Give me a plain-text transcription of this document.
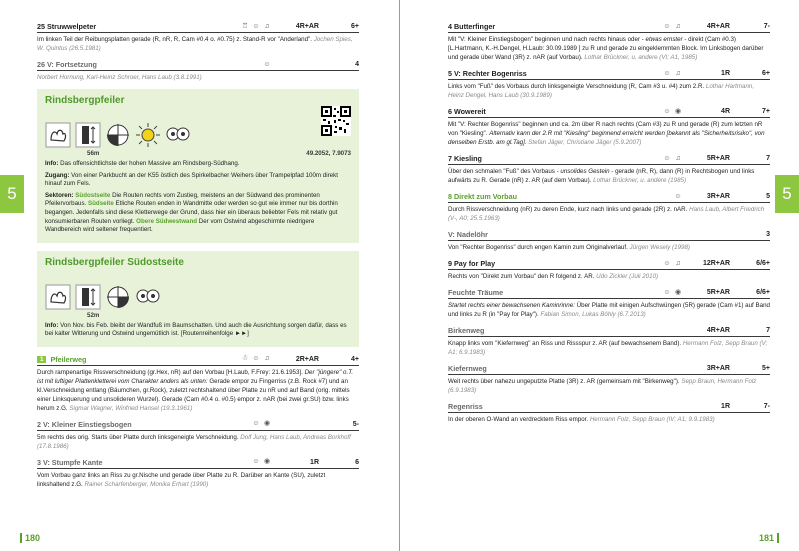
5
25 Struwwelpeter	♖ ☺ ♫	4R+AR	6+
Im linken Teil der Reibungsplatten gerade (R, nR, R, Cam #0.4 o. #0.75) z. Stand-R vor "Anderland". Jochen Spies, W. Quintus (26.5.1981)
26 V: Fortsetzung	☺	4
Norbert Hornung, Karl-Heinz Schroer, Hans Laub (3.8.1991)
Rindsbergpfeiler
56m	49.2052, 7.9073
Info: Das offensichtlichste der hohen Massive am Rindsberg-Südhang.
Zugang: Von einer Parkbucht an der K55 östlich des Spirkelbacher Weihers über Trampelpfad 100m direkt hinauf zum Fels.
Sektoren: Südostseite Die Routen rechts vom Zustieg, meistens an der Südwand des prominenten Pfeilervorbaus. Südseite Etliche Routen enden in Wandmitte oder werden so gut wie immer nur bis dorthin begangen. Jedenfalls sind diese Kletterwege der Grund, dass hier ein überaus beliebter Fels mit relativ gut konsumierbaren Routen vorliegt. Obere Südwestwand Der vom Ostwind abgeschirmte niedrigere Wandbereich wird seltener frequentiert.
Rindsbergpfeiler Südostseite
52m
Info: Von Nov. bis Feb. bleibt der Wandfuß im Baumschatten. Und auch die Ausrichtung sorgen dafür, dass es bei kalter Witterung und Ostwind ungemütlich ist. [Routenreihenfolge ►►]
1 Pfeilerweg	☃ ☺ ♫	2R+AR	4+
Durch rampenartige Rissverschneidung (gr.Hex, nR) auf den Vorbau [H.Laub, F.Frey: 21.6.1953]. Der "jüngere" o.T. ist mit luftiger Plattenkletterei vom Charakter anders als unten: Gerade empor zu Fingerriss (z.B. Rock #7) und an kl.Verschneidung entlang (Bäumchen, gr.Rock), zuletzt rechtshaltend über Platte zu nR und auf Band (orig. mittels einer Linksquerung und unsolideren Wurzel). Gerade (Cam #0.4 o. #0.5) empor z. nAR (bei zwei gr.SU) bzw. links herum z.G. Sigmar Wagner, Winfried Hansel (19.3.1961)
2 V: Kleiner Einstiegsbogen	☺ ◉	5-
5m rechts des orig. Starts über Platte durch linksgeneigte Verschneidung. Dolf Jung, Hans Laub, Andreas Borkhoff (17.8.1986)
3 V: Stumpfe Kante	☺ ◉	1R	6
Vom Vorbau ganz links an Riss zu gr.Nische und gerade über Platte zu R. Darüber an Kante (SU), zuletzt linkshaltend z.G. Rainer Scharfenberger, Monika Erhart (1990)
180
5
4 Butterfinger	☺ ♫	4R+AR	7-
Mit "V: Kleiner Einstiegsbogen" beginnen und nach rechts hinaus oder - etwas ernster - direkt (Cam #0.3) [L.Hartmann, K.-H.Dengel, H.Laub: 30.09.1989 ] zu R und gerade zu eingeklemmten Block. Im Linksbogen darüber und gerade über Wand (3R) z. nAR (auf Vorbau). Lothar Brückner, u. andere (VI; A1, 1985)
5 V: Rechter Bogenriss	☺ ♫	1R	6+
Links vom "Fuß" des Vorbaus durch linksgeneigte Verschneidung (R, Cam #3 u. #4) zum 2.R. Lothar Hartmann, Heinz Dengel, Hans Laub (30.9.1989)
6 Wowereit	☺ ◉	4R	7+
Mit "V: Rechter Bogenriss" beginnen und ca. 2m über R nach rechts (Cam #3) zu R und gerade (R) zum letzten nR von "Kiesling". Alternativ kann der 2.R mit "Kiesling" beginnend erreicht werden [bekannt als "Sicherheitsrisiko", von denselben Erstb. am gl.Tag]. Stefan Jäger, Christiane Jäger (5.9.2007)
7 Kiesling	☺ ♫	5R+AR	7
Über den schmalen "Fuß" des Vorbaus - unsolides Gestein - gerade (nR, R), dann (R) in Rechtsbogen und links aufwärts zu R. Gerade (nR) z. AR (auf dem Vorbau). Lothar Brückner, u. andere (1985)
8 Direkt zum Vorbau	☺	3R+AR	5
Durch Rissverschneidung (nR) zu deren Ende, kurz nach links und gerade (2R) z. nAR. Hans Laub, Albert Friedrich (V-, A0; 25.5.1963)
V: Nadelöhr	3
Von "Rechter Bogenriss" durch engen Kamin zum Originalverlauf. Jürgen Wesely (1998)
9 Pay for Play	☺ ♫	12R+AR	6/6+
Rechts von "Direkt zum Vorbau" den R folgend z. AR. Udo Zickler (Juli 2010)
Feuchte Träume	☺ ◉	5R+AR	6/6+
Startet rechts einer bewachsenen Kaminrinne: Über Platte mit einigen Aufschwüngen (5R) gerade (Cam #1) auf Band und links zu R (in "Pay for Play"). Fabian Simon, Lukas Böhly (6.7.2013)
Birkenweg	4R+AR	7
Knapp links vom "Kiefernweg" an Riss und Rissspur z. AR (auf bewachsenem Band). Hermann Folz, Sepp Braun (V; A1; 6.9.1983)
Kiefernweg	3R+AR	5+
Weit rechts über nahezu ungeputzte Platte (3R) z. AR (gemeinsam mit "Birkenweg"). Sepp Braun, Hermann Folz (6.9.1983)
Regenriss	1R	7-
In der oberen O-Wand an verdrecktem Riss empor. Hermann Folz, Sepp Braun (IV; A1; 9.9.1983)
181
